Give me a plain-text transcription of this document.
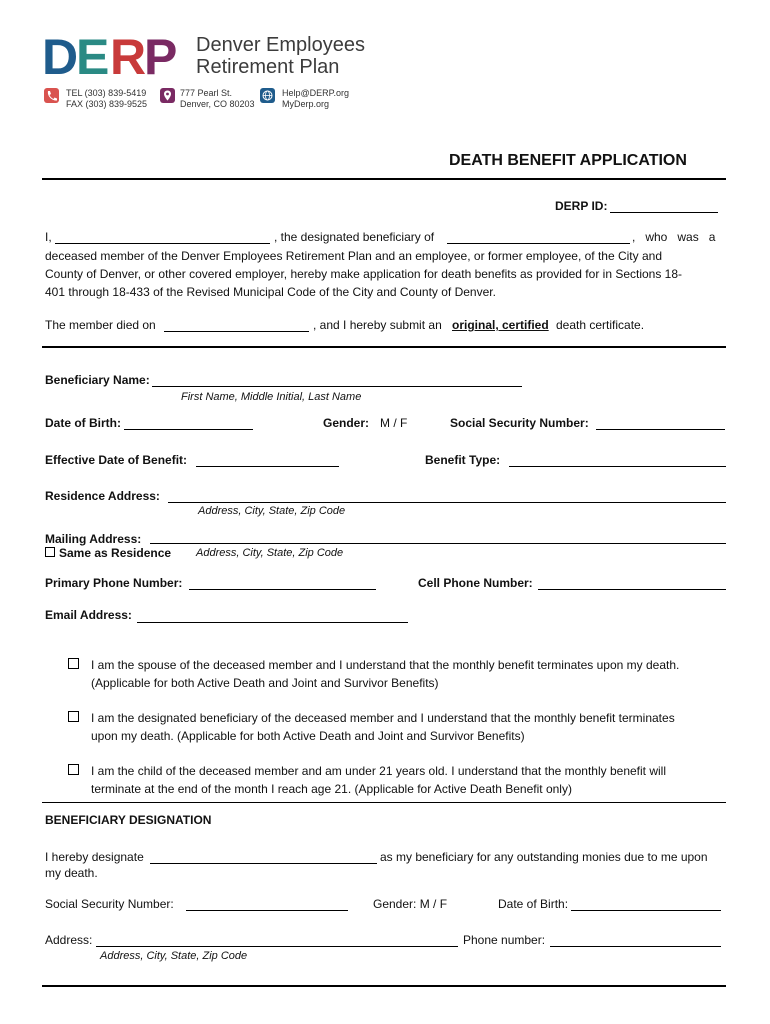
D
E R
P Denver Employees
Retirement Plan
TEL (303) 839-5419
FAX (303) 839-9525
777 Pearl St.
Denver, CO 80203
Help@DERP.org
MyDerp.org
DEATH BENEFIT APPLICATION
DERP ID:
I,	, the designated beneficiary of	,   who   was   a
deceased member of the Denver Employees Retirement Plan and an employee, or former employee, of the City and
County of Denver, or other covered employer, hereby make application for death benefits as provided for in Sections 18-
401 through 18-433 of the Revised Municipal Code of the City and County of Denver.
The member died on	, and I hereby submit an original, certified death certificate.
Beneficiary Name:
First Name, Middle Initial, Last Name
Date of Birth:	Gender: M / F	Social Security Number:
Effective Date of Benefit:	Benefit Type:
Residence Address:
Address, City, State, Zip Code
Mailing Address:
Same as Residence Address, City, State, Zip Code
Primary Phone Number:	Cell Phone Number:
Email Address:
I am the spouse of the deceased member and I understand that the monthly benefit terminates upon my death.
(Applicable for both Active Death and Joint and Survivor Benefits)
I am the designated beneficiary of the deceased member and I understand that the monthly benefit terminates
upon my death. (Applicable for both Active Death and Joint and Survivor Benefits)
I am the child of the deceased member and am under 21 years old. I understand that the monthly benefit will
terminate at the end of the month I reach age 21. (Applicable for Active Death Benefit only)
BENEFICIARY DESIGNATION
I hereby designate	as my beneficiary for any outstanding monies due to me upon
my death.
Social Security Number:	Gender: M / F	Date of Birth:
Address:	Phone number:
Address, City, State, Zip Code
